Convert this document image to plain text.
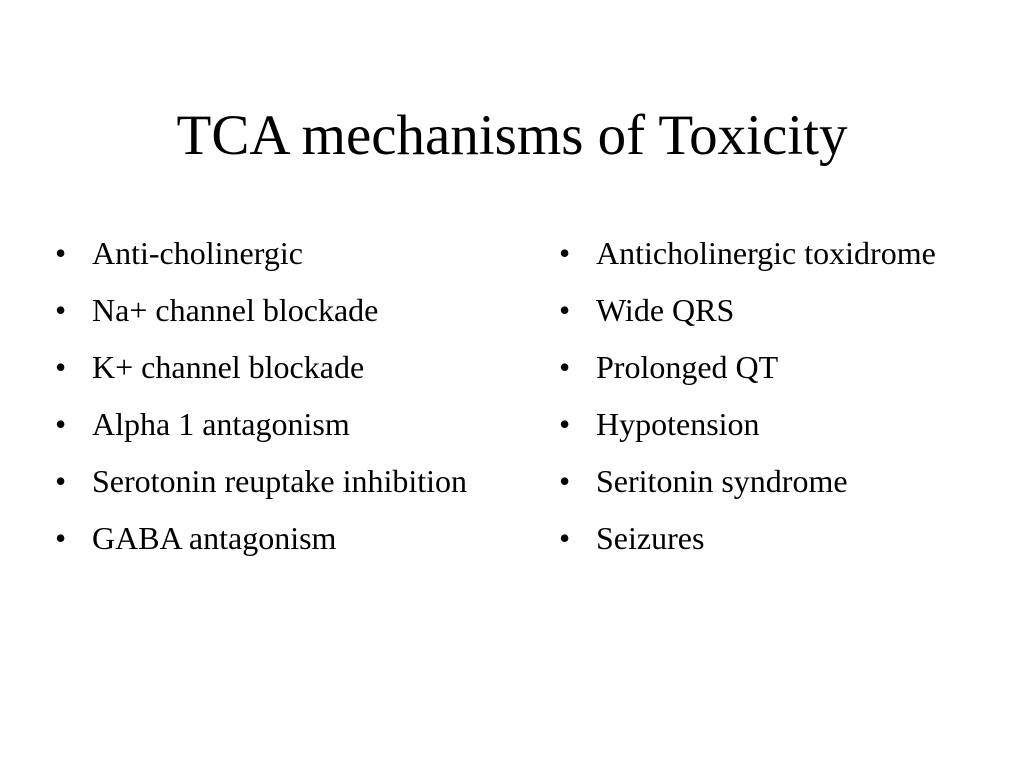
TCA mechanisms of Toxicity
• Anti-cholinergic
• Na+ channel blockade
• K+ channel blockade
• Alpha 1 antagonism
• Serotonin reuptake inhibition
• GABA antagonism
• Anticholinergic toxidrome
• Wide QRS
• Prolonged QT
• Hypotension
• Seritonin syndrome
• Seizures
